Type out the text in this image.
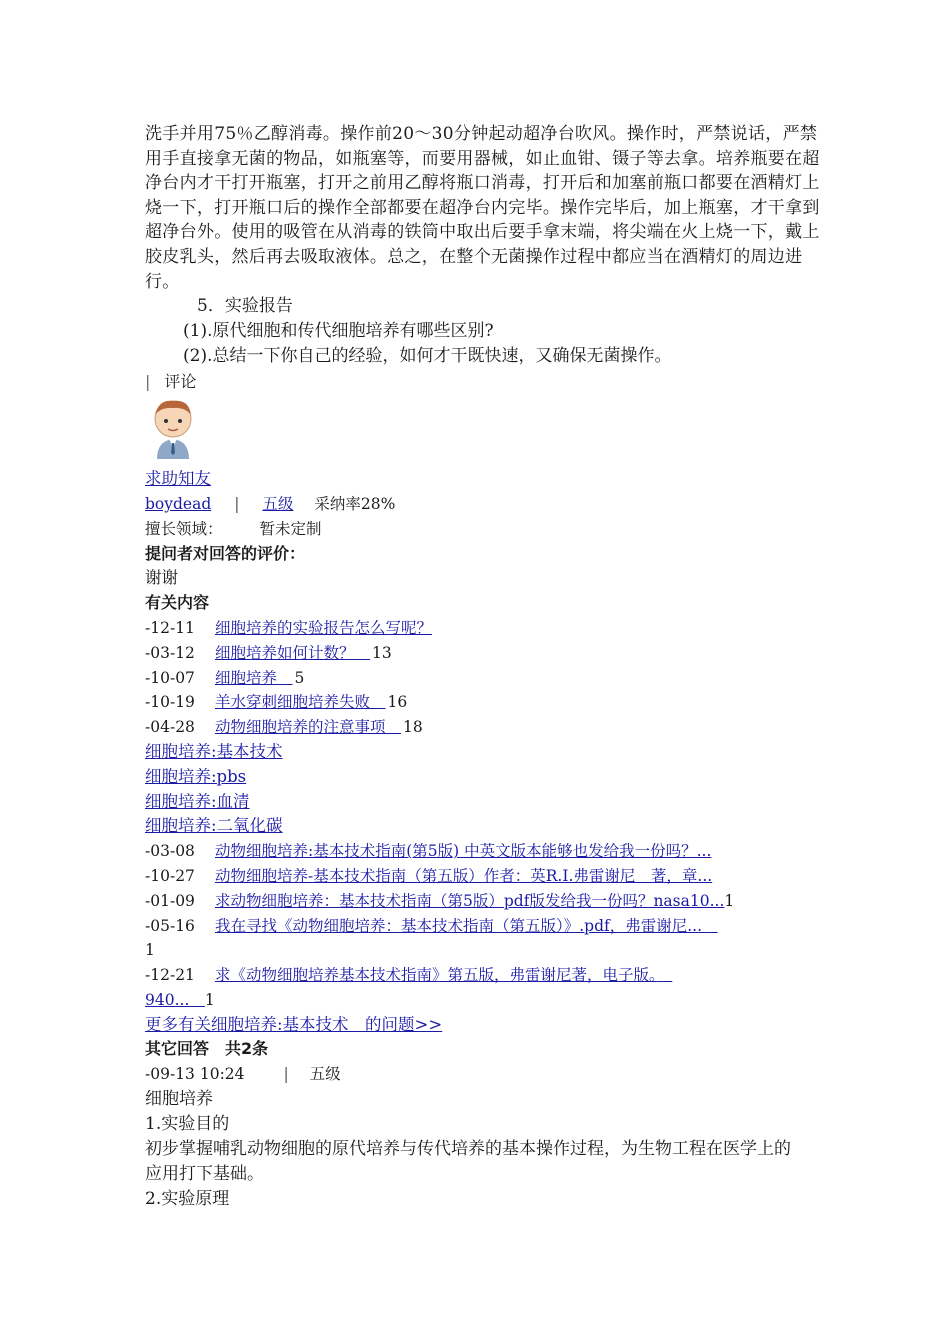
洗手并用75％乙醇消毒。操作前20～30分钟起动超净台吹风。操作时，严禁说话，严禁用手直接拿无菌的物品，如瓶塞等，而要用器械，如止血钳、镊子等去拿。培养瓶要在超净台内才干打开瓶塞，打开之前用乙醇将瓶口消毒，打开后和加塞前瓶口都要在酒精灯上烧一下，打开瓶口后的操作全部都要在超净台内完毕。操作完毕后，加上瓶塞，才干拿到超净台外。使用的吸管在从消毒的铁筒中取出后要手拿末端，将尖端在火上烧一下，戴上胶皮乳头，然后再去吸取液体。总之，在整个无菌操作过程中都应当在酒精灯的周边进行。

5．实验报告
(1).原代细胞和传代细胞培养有哪些区别?
(2).总结一下你自己的经验，如何才干既快速，又确保无菌操作。
| 评论
求助知友
boydead | 五级 采纳率28%
擅长领域： 暂未定制
提问者对回答的评价：
谢谢
有关内容
-12-11 细胞培养的实验报告怎么写呢？
-03-12 细胞培养如何计数？　 13
-10-07 细胞培养　 5
-10-19 羊水穿刺细胞培养失败　 16
-04-28 动物细胞培养的注意事项　 18
细胞培养:基本技术
细胞培养:pbs
细胞培养:血清
细胞培养:二氧化碳
-03-08 动物细胞培养:基本技术指南(第5版) 中英文版本能够也发给我一份吗？...
-10-27 动物细胞培养-基本技术指南（第五版）作者：英R.I.弗雷谢尼　著，章...
-01-09 求动物细胞培养：基本技术指南（第5版）pdf版发给我一份吗？nasa10...1
-05-16 我在寻找《动物细胞培养：基本技术指南（第五版）》.pdf，弗雷谢尼...　
1
-12-21 求《动物细胞培养基本技术指南》第五版，弗雷谢尼著，电子版。　
940...　 1
更多有关细胞培养:基本技术　的问题>>
其它回答　共2条
-09-13 10:24	| 五级
细胞培养
1.实验目的
初步掌握哺乳动物细胞的原代培养与传代培养的基本操作过程，为生物工程在医学上的应用打下基础。
2.实验原理
